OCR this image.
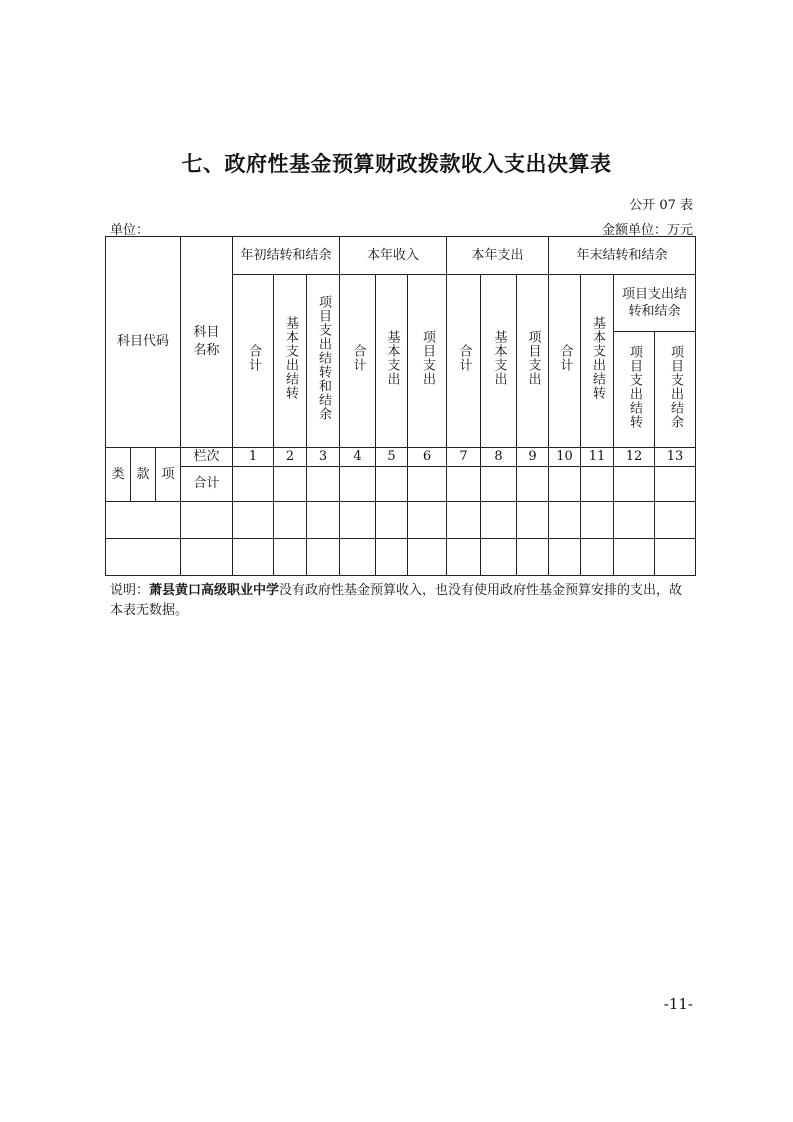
七、政府性基金预算财政拨款收入支出决算表
公开 07 表
单位：	金额单位：万元
科目代码			科目名称	年初结转和结余			本年收入			本年支出			年末结转和结余			
				合计	基本支出结转	项目支出结转和结余	合计	基本支出	项目支出	合计	基本支出	项目支出	合计	基本支出结转	项目支出结转和结余	
															项目支出结转	项目支出结余

类	款	项	栏次	1	2	3	4	5	6	7	8	9	10	11	12	13
			合计													

说明：萧县黄口高级职业中学没有政府性基金预算收入，也没有使用政府性基金预算安排的支出，故本表无数据。
-11-
